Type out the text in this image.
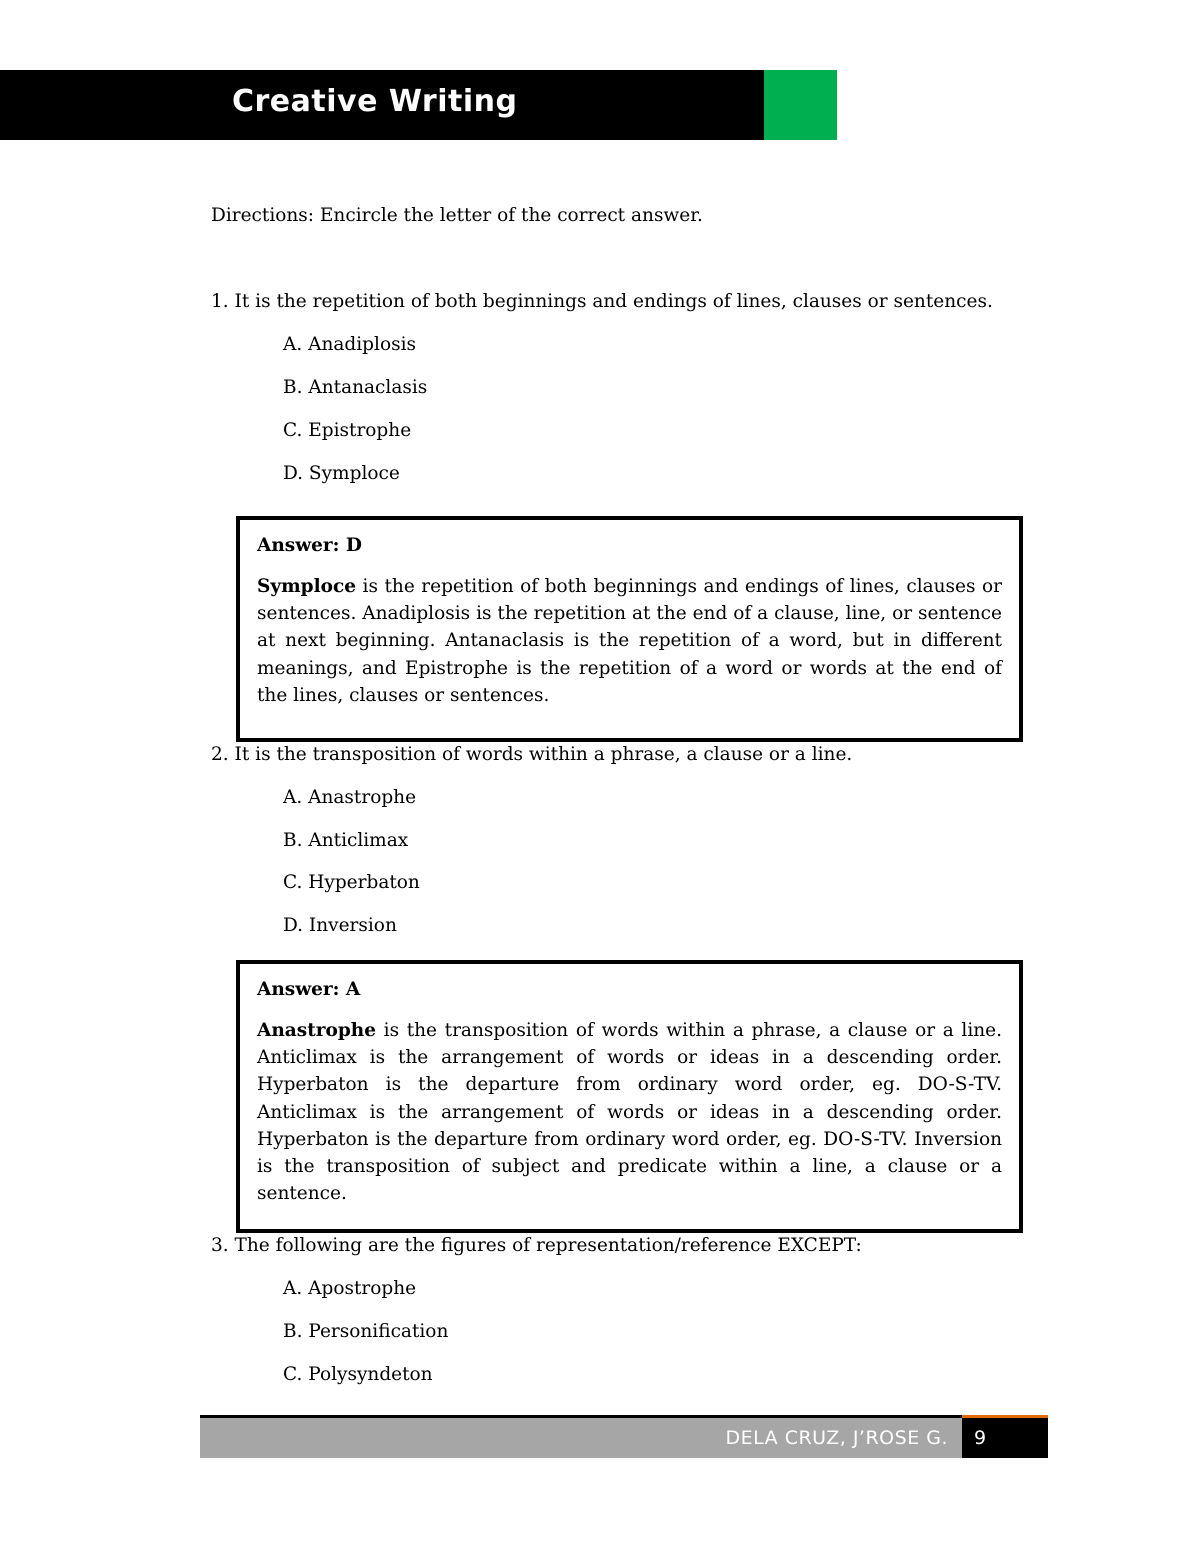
Creative Writing
Directions: Encircle the letter of the correct answer.
1. It is the repetition of both beginnings and endings of lines, clauses or sentences.
A. Anadiplosis
B. Antanaclasis
C. Epistrophe
D. Symploce
Answer: D
Symploce is the repetition of both beginnings and endings of lines, clauses or sentences. Anadiplosis is the repetition at the end of a clause, line, or sentence at next beginning. Antanaclasis is the repetition of a word, but in different meanings, and Epistrophe is the repetition of a word or words at the end of the lines, clauses or sentences.
2. It is the transposition of words within a phrase, a clause or a line.
A. Anastrophe
B. Anticlimax
C. Hyperbaton
D. Inversion
Answer: A
Anastrophe is the transposition of words within a phrase, a clause or a line. Anticlimax is the arrangement of words or ideas in a descending order. Hyperbaton is the departure from ordinary word order, eg. DO-S-TV. Anticlimax is the arrangement of words or ideas in a descending order. Hyperbaton is the departure from ordinary word order, eg. DO-S-TV. Inversion is the transposition of subject and predicate within a line, a clause or a sentence.
3. The following are the figures of representation/reference EXCEPT:
A. Apostrophe
B. Personification
C. Polysyndeton
DELA CRUZ, J’ROSE G. 9
